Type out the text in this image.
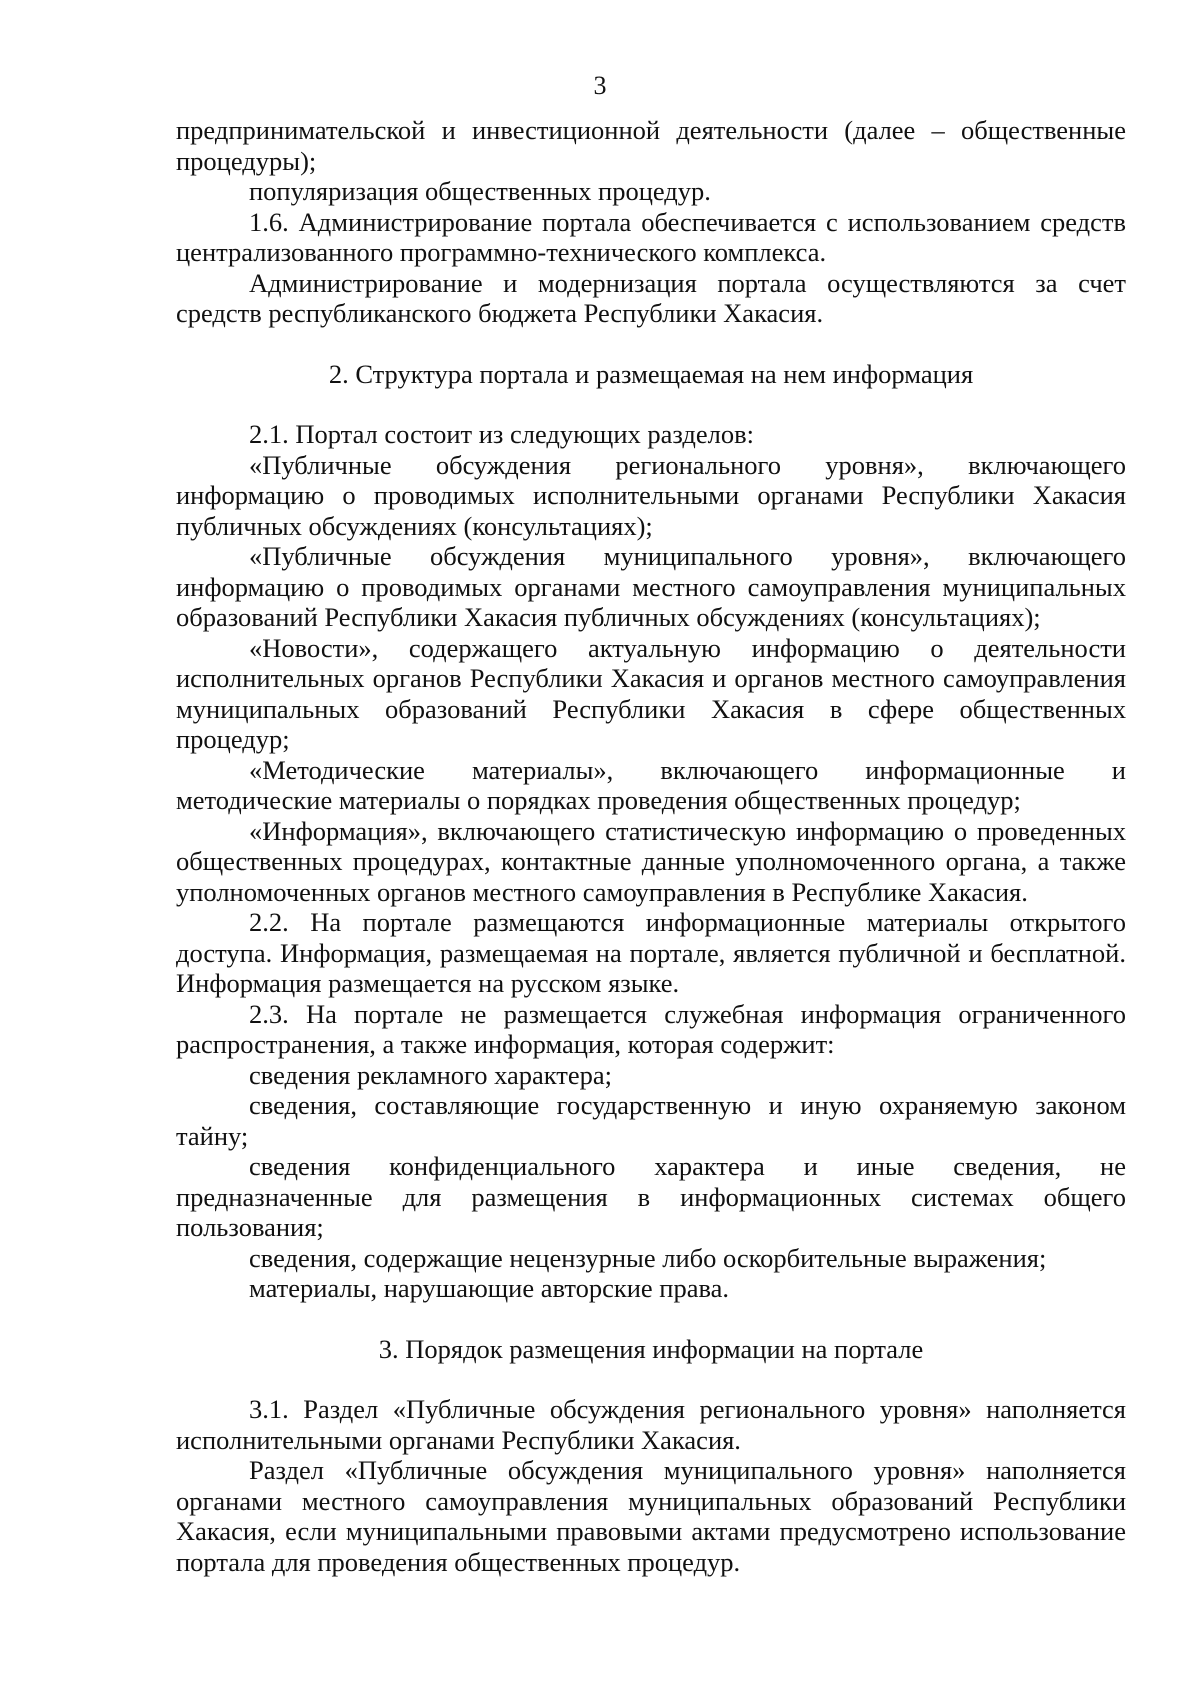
3

предпринимательской и инвестиционной деятельности (далее – общественные процедуры);

популяризация общественных процедур.

1.6. Администрирование портала обеспечивается с использованием средств централизованного программно-технического комплекса.

Администрирование и модернизация портала осуществляются за счет средств республиканского бюджета Республики Хакасия.

2. Структура портала и размещаемая на нем информация

2.1. Портал состоит из следующих разделов:

«Публичные обсуждения регионального уровня», включающего информацию о проводимых исполнительными органами Республики Хакасия публичных обсуждениях (консультациях);

«Публичные обсуждения муниципального уровня», включающего информацию о проводимых органами местного самоуправления муниципальных образований Республики Хакасия публичных обсуждениях (консультациях);

«Новости», содержащего актуальную информацию о деятельности исполнительных органов Республики Хакасия и органов местного самоуправления муниципальных образований Республики Хакасия в сфере общественных процедур;

«Методические материалы», включающего информационные и методические материалы о порядках проведения общественных процедур;

«Информация», включающего статистическую информацию о проведенных общественных процедурах, контактные данные уполномоченного органа, а также уполномоченных органов местного самоуправления в Республике Хакасия.

2.2. На портале размещаются информационные материалы открытого доступа. Информация, размещаемая на портале, является публичной и бесплатной. Информация размещается на русском языке.

2.3. На портале не размещается служебная информация ограниченного распространения, а также информация, которая содержит:

сведения рекламного характера;

сведения, составляющие государственную и иную охраняемую законом тайну;

сведения конфиденциального характера и иные сведения, не предназначенные для размещения в информационных системах общего пользования;

сведения, содержащие нецензурные либо оскорбительные выражения;

материалы, нарушающие авторские права.

3. Порядок размещения информации на портале

3.1. Раздел «Публичные обсуждения регионального уровня» наполняется исполнительными органами Республики Хакасия.

Раздел «Публичные обсуждения муниципального уровня» наполняется органами местного самоуправления муниципальных образований Республики Хакасия, если муниципальными правовыми актами предусмотрено использование портала для проведения общественных процедур.
